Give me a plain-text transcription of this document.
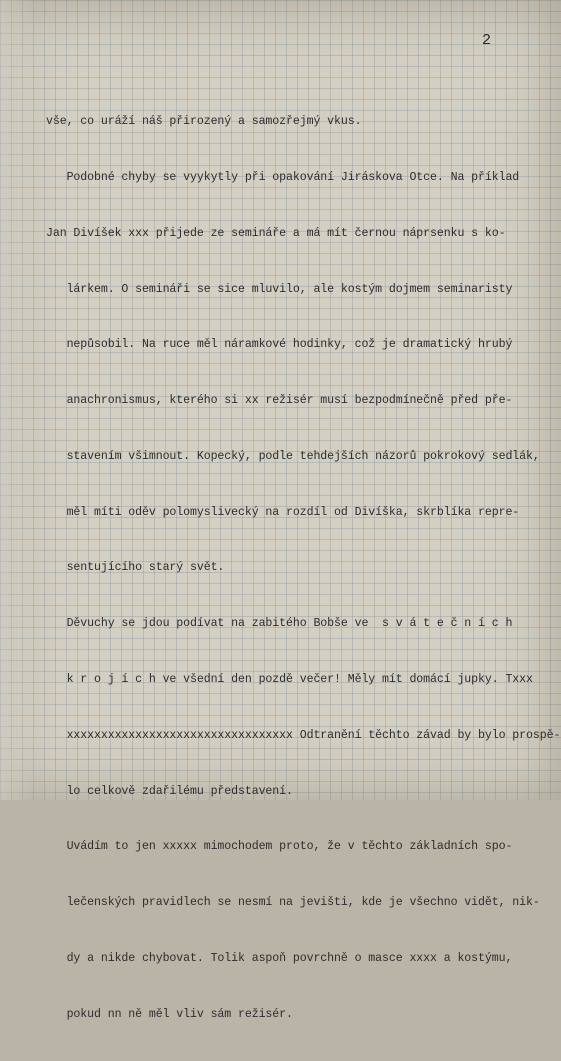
2

vše, co uráží náš přirozený a samozřejmý vkus.

Podobné chyby se vyykytly při opakování Jiráskova Otce. Na příklad

Jan Divíšek xxx přijede ze semináře a má mít černou náprsenku s ko-

lárkem. O semináři se sice mluvilo, ale kostým dojmem seminaristy

nepůsobil. Na ruce měl náramkové hodinky, což je dramatický hrubý

anachronismus, kterého si xx režisér musí bezpodmínečně před pře-

stavením všimnout. Kopecký, podle tehdejších názorů pokrokový sedlák,

měl míti oděv polomyslivecký na rozdíl od Divíška, skrblíka repre-

sentujícího starý svět.

Děvuchy se jdou podívat na zabitého Bobše ve  s v á t e č n í c h

k r o j í c h ve všední den pozdě večer! Měly mít domácí jupky. Txxx

xxxxxxxxxxxxxxxxxxxxxxxxxxxxxxxxx Odtranění těchto závad by bylo prospě-

lo celkově zdařilému představení.

Uvádím to jen xxxxx mimochodem proto, že v těchto základních spo-

lečenských pravidlech se nesmí na jevišti, kde je všechno vidět, nik-

dy a nikde chybovat. Tolik aspoň povrchně o masce xxxx a kostýmu,

pokud nn ně měl vliv sám režisér.
